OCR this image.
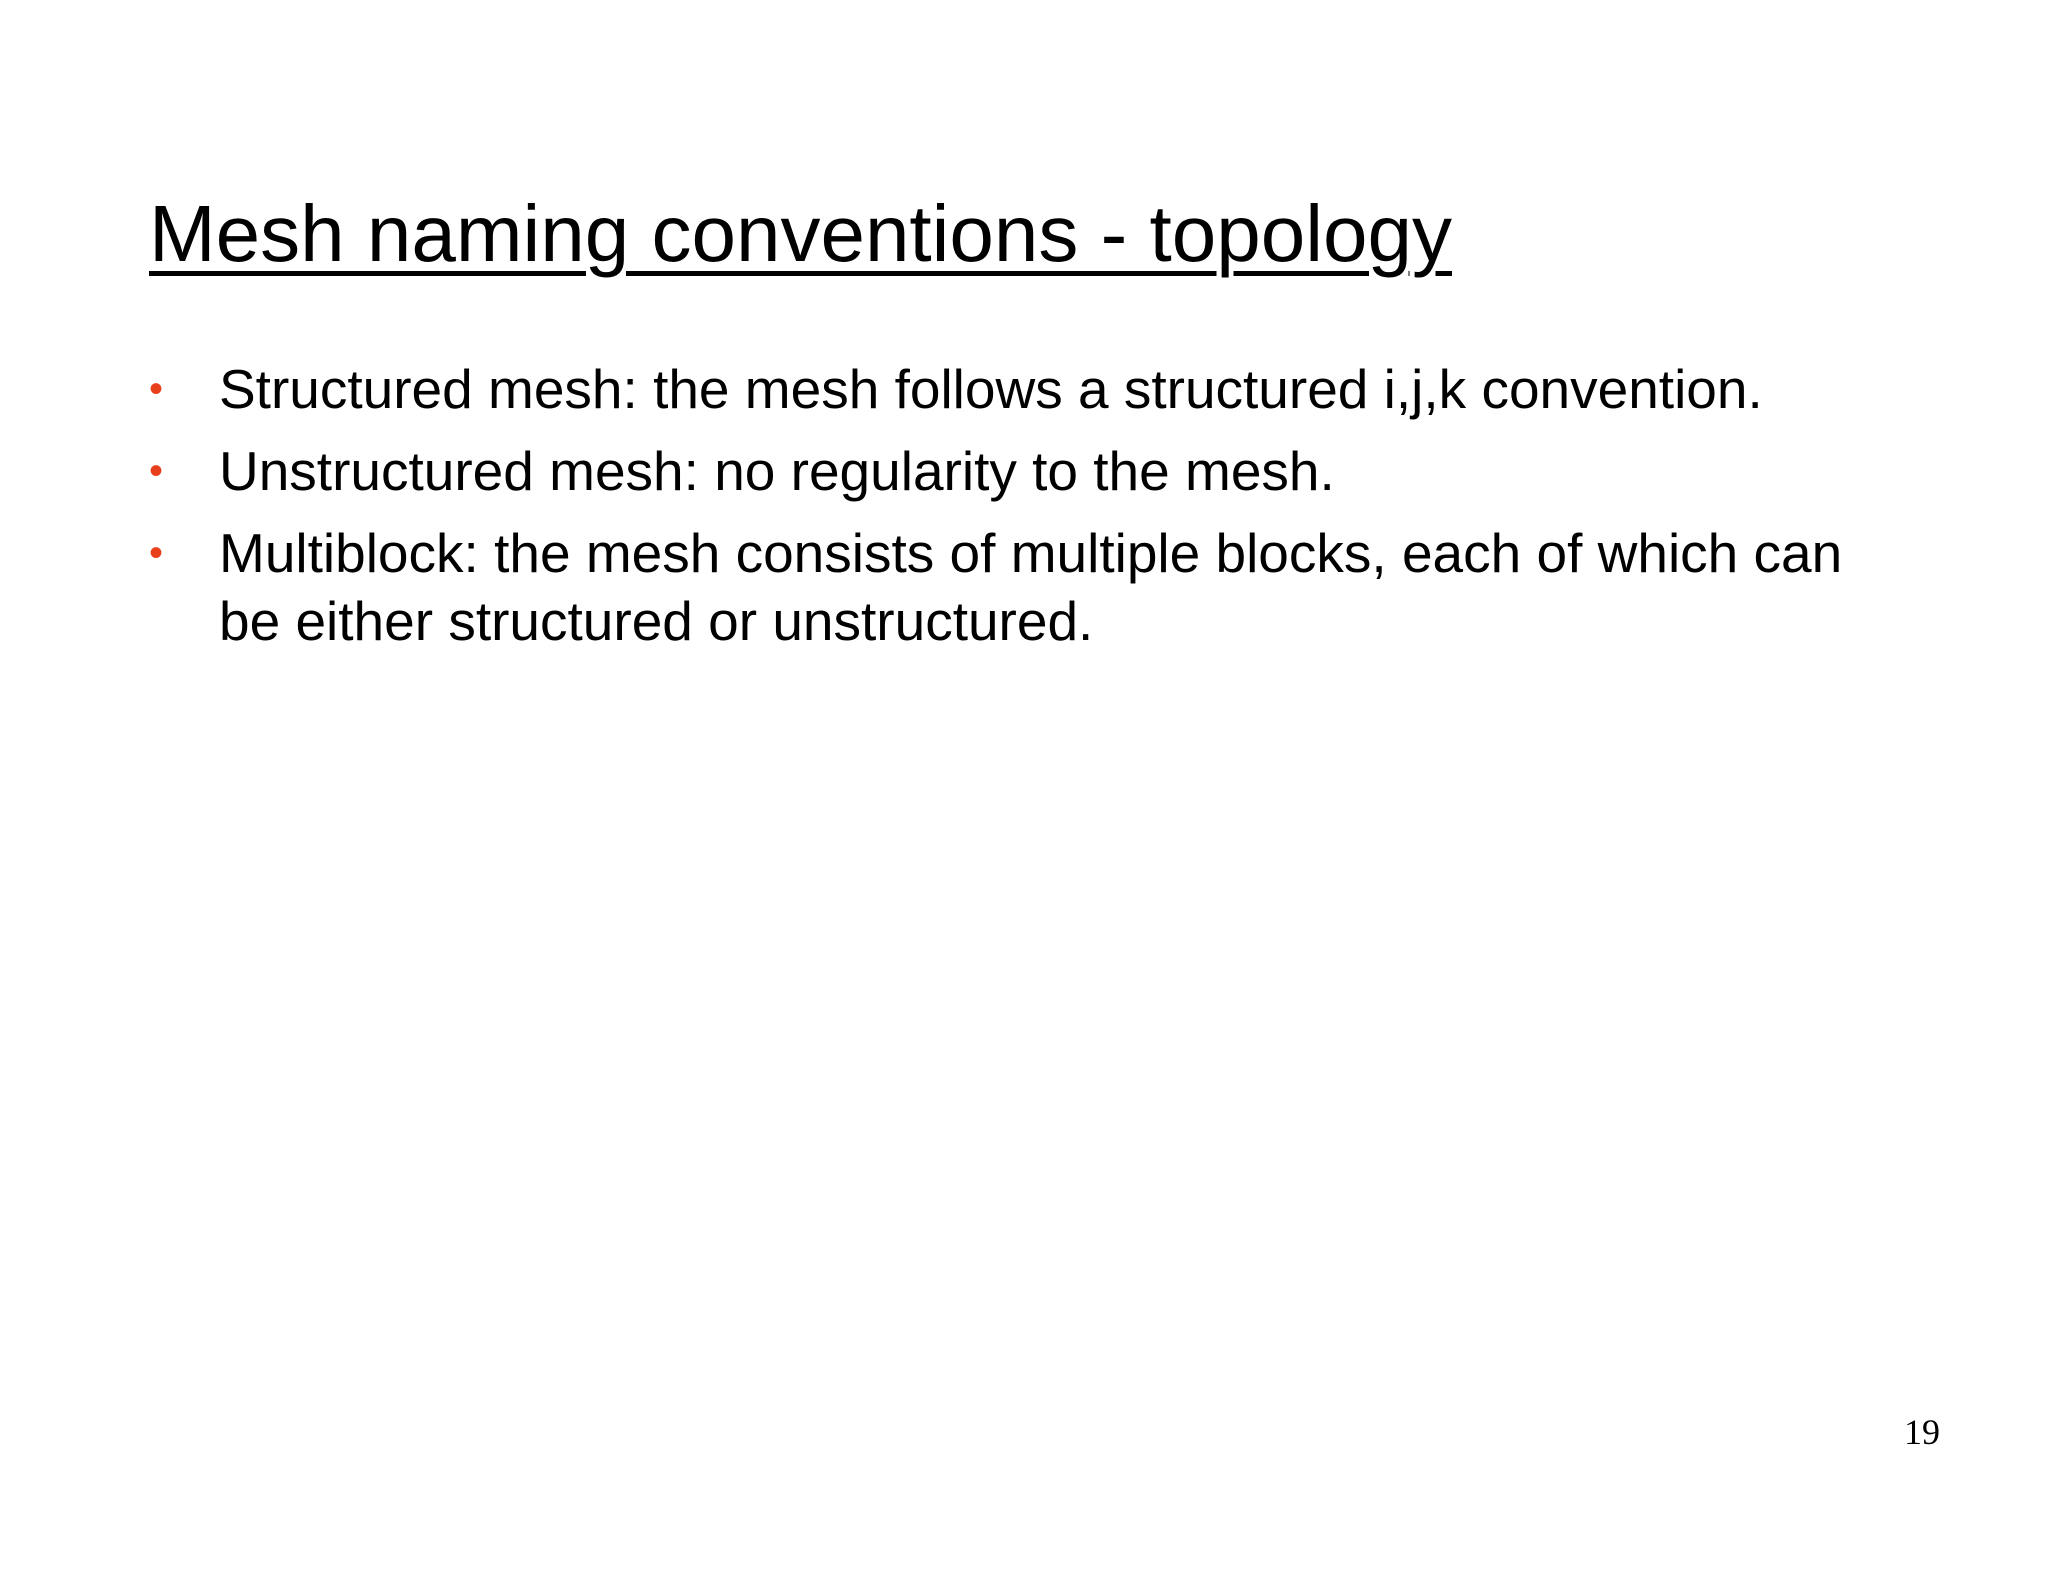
Mesh naming conventions - topology
• Structured mesh: the mesh follows a structured i,j,k convention.
• Unstructured mesh: no regularity to the mesh.
• Multiblock: the mesh consists of multiple blocks, each of which can be either structured or unstructured.
19
